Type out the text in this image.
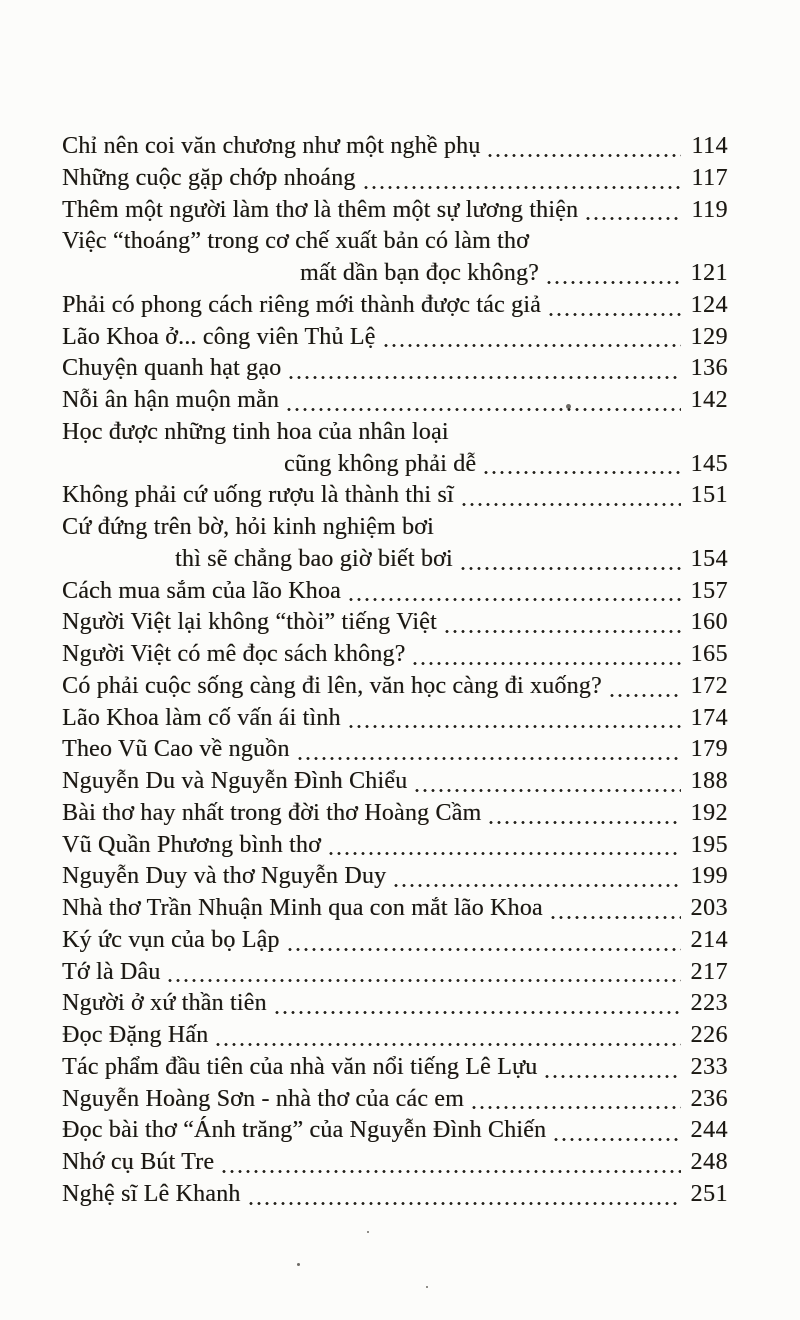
Chỉ nên coi văn chương như một nghề phụ	114
Những cuộc gặp chớp nhoáng	117
Thêm một người làm thơ là thêm một sự lương thiện	119
Việc “thoáng” trong cơ chế xuất bản có làm thơ
mất dần bạn đọc không?	121
Phải có phong cách riêng mới thành được tác giả	124
Lão Khoa ở... công viên Thủ Lệ	129
Chuyện quanh hạt gạo	136
Nỗi ân hận muộn mằn	142
Học được những tinh hoa của nhân loại
cũng không phải dễ	145
Không phải cứ uống rượu là thành thi sĩ	151
Cứ đứng trên bờ, hỏi kinh nghiệm bơi
thì sẽ chẳng bao giờ biết bơi	154
Cách mua sắm của lão Khoa	157
Người Việt lại không “thòi” tiếng Việt	160
Người Việt có mê đọc sách không?	165
Có phải cuộc sống càng đi lên, văn học càng đi xuống?	172
Lão Khoa làm cố vấn ái tình	174
Theo Vũ Cao về nguồn	179
Nguyễn Du và Nguyễn Đình Chiểu	188
Bài thơ hay nhất trong đời thơ Hoàng Cầm	192
Vũ Quần Phương bình thơ	195
Nguyễn Duy và thơ Nguyễn Duy	199
Nhà thơ Trần Nhuận Minh qua con mắt lão Khoa	203
Ký ức vụn của bọ Lập	214
Tớ là Dâu	217
Người ở xứ thần tiên	223
Đọc Đặng Hấn	226
Tác phẩm đầu tiên của nhà văn nổi tiếng Lê Lựu	233
Nguyễn Hoàng Sơn - nhà thơ của các em	236
Đọc bài thơ “Ánh trăng” của Nguyễn Đình Chiến	244
Nhớ cụ Bút Tre	248
Nghệ sĩ Lê Khanh	251
